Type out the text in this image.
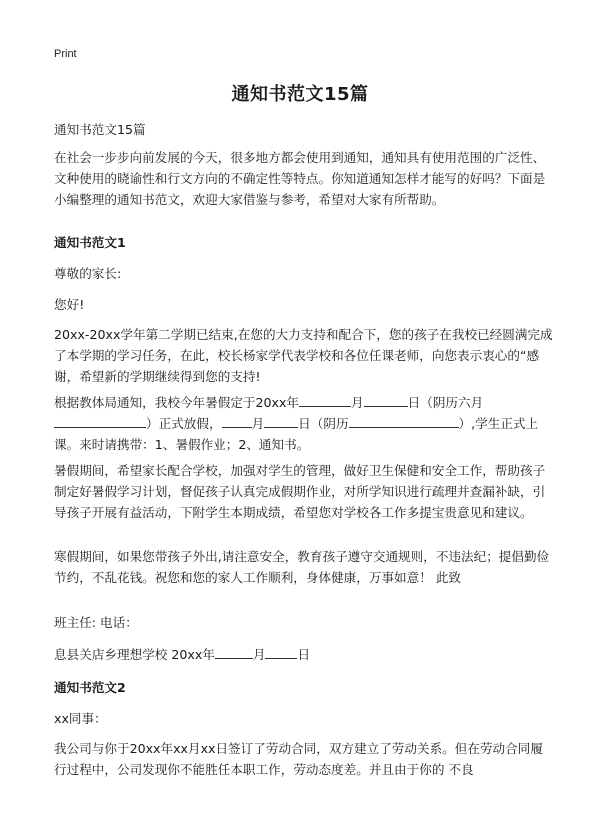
Print
通知书范文15篇
通知书范文15篇
在社会一步步向前发展的今天，很多地方都会使用到通知，通知具有使用范围的广泛性、文种使用的晓谕性和行文方向的不确定性等特点。你知道通知怎样才能写的好吗？下面是小编整理的通知书范文，欢迎大家借鉴与参考，希望对大家有所帮助。
通知书范文1
尊敬的家长:
您好!
20xx-20xx学年第二学期已结束,在您的大力支持和配合下，您的孩子在我校已经圆满完成了本学期的学习任务，在此，校长杨家学代表学校和各位任课老师，向您表示衷心的“感谢，希望新的学期继续得到您的支持!
根据教体局通知，我校今年暑假定于20xx年	月	日（阴历六月）正式放假， 月	日（阴历	）,学生正式上课。来时请携带：1、暑假作业；2、通知书。
暑假期间，希望家长配合学校，加强对学生的管理，做好卫生保健和安全工作，帮助孩子制定好暑假学习计划，督促孩子认真完成假期作业，对所学知识进行疏理并查漏补缺，引导孩子开展有益活动，下附学生本期成绩，希望您对学校各工作多提宝贵意见和建议。
寒假期间，如果您带孩子外出,请注意安全，教育孩子遵守交通规则，不违法纪；提倡勤俭节约，不乱花钱。祝您和您的家人工作顺利，身体健康，万事如意！ 此致
班主任: 电话：
息县关店乡理想学校 20xx年	月	日
通知书范文2
xx同事：
我公司与你于20xx年xx月xx日签订了劳动合同，双方建立了劳动关系。但在劳动合同履行过程中，公司发现你不能胜任本职工作，劳动态度差。并且由于你的 不良
